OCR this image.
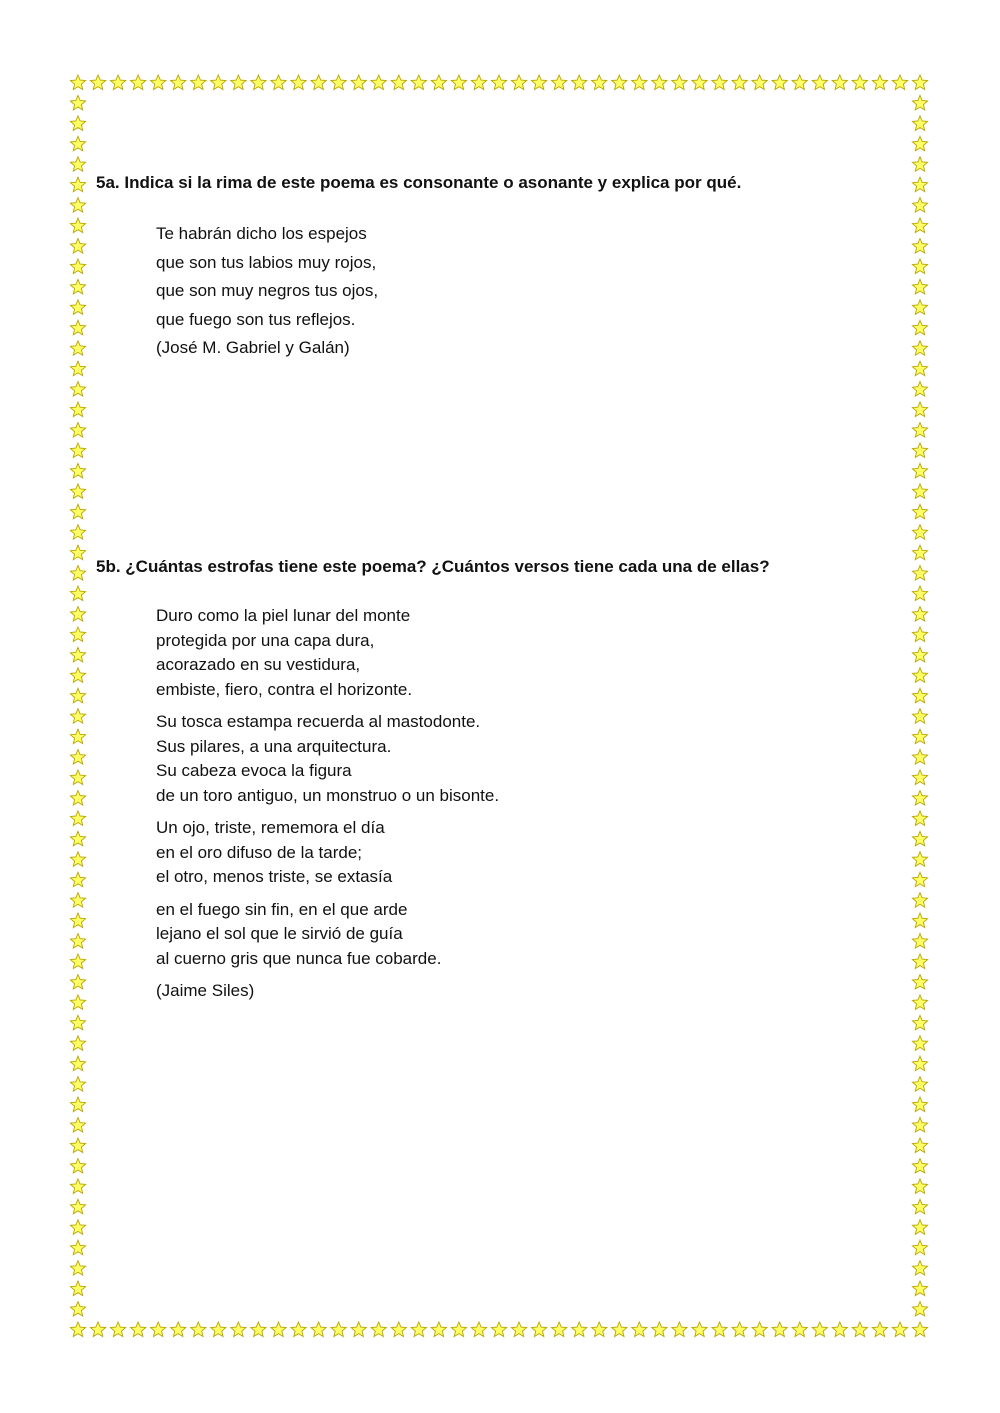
5a. Indica si la rima de este poema es consonante o asonante y explica por qué.
Te habrán dicho los espejos
que son tus labios muy rojos,
que son muy negros tus ojos,
que fuego son tus reflejos.
(José M. Gabriel y Galán)
5b. ¿Cuántas estrofas tiene este poema? ¿Cuántos versos tiene cada una de ellas?
Duro como la piel lunar del monte
protegida por una capa dura,
acorazado en su vestidura,
embiste, fiero, contra el horizonte.
Su tosca estampa recuerda al mastodonte.
Sus pilares, a una arquitectura.
Su cabeza evoca la figura
de un toro antiguo, un monstruo o un bisonte.
Un ojo, triste, rememora el día
en el oro difuso de la tarde;
el otro, menos triste, se extasía
en el fuego sin fin, en el que arde
lejano el sol que le sirvió de guía
al cuerno gris que nunca fue cobarde.
(Jaime Siles)
